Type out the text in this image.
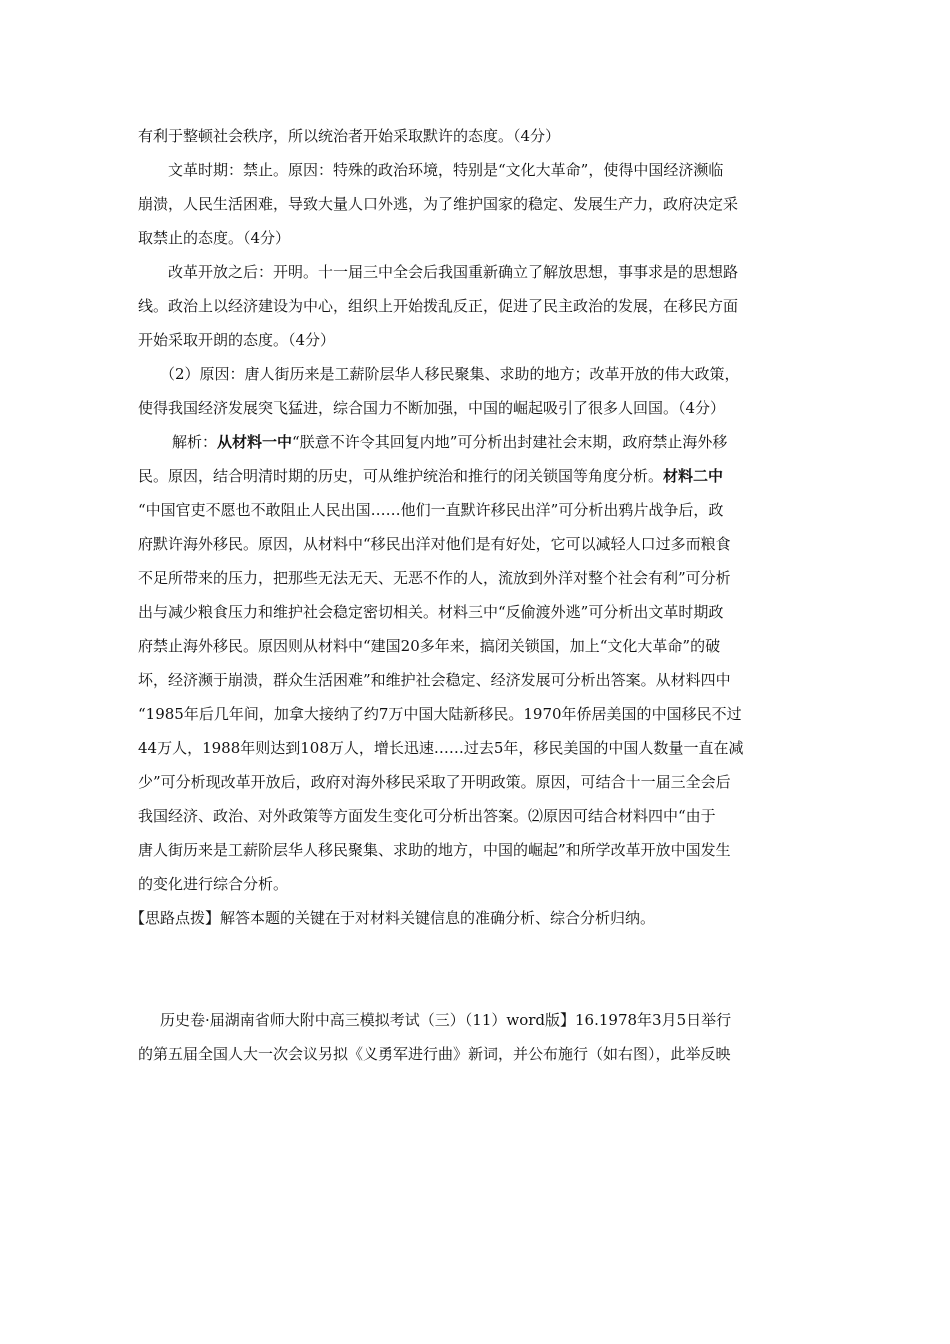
有利于整顿社会秩序，所以统治者开始采取默许的态度。（4分）
文革时期：禁止。原因：特殊的政治环境，特别是“文化大革命”，使得中国经济濒临
崩溃，人民生活困难，导致大量人口外逃，为了维护国家的稳定、发展生产力，政府决定采
取禁止的态度。（4分）
改革开放之后：开明。十一届三中全会后我国重新确立了解放思想，事事求是的思想路
线。政治上以经济建设为中心，组织上开始拨乱反正，促进了民主政治的发展，在移民方面
开始采取开朗的态度。（4分）
（2）原因：唐人街历来是工薪阶层华人移民聚集、求助的地方；改革开放的伟大政策，
使得我国经济发展突飞猛进，综合国力不断加强，中国的崛起吸引了很多人回国。（4分）
解析：从材料一中“朕意不许令其回复内地”可分析出封建社会末期，政府禁止海外移
民。原因，结合明清时期的历史，可从维护统治和推行的闭关锁国等角度分析。材料二中
“中国官吏不愿也不敢阻止人民出国……他们一直默许移民出洋”可分析出鸦片战争后，政
府默许海外移民。原因，从材料中“移民出洋对他们是有好处，它可以减轻人口过多而粮食
不足所带来的压力，把那些无法无天、无恶不作的人，流放到外洋对整个社会有利”可分析
出与减少粮食压力和维护社会稳定密切相关。材料三中“反偷渡外逃”可分析出文革时期政
府禁止海外移民。原因则从材料中“建国20多年来，搞闭关锁国，加上“文化大革命”的破
坏，经济濒于崩溃，群众生活困难”和维护社会稳定、经济发展可分析出答案。从材料四中
“1985年后几年间，加拿大接纳了约7万中国大陆新移民。1970年侨居美国的中国移民不过
44万人，1988年则达到108万人，增长迅速……过去5年，移民美国的中国人数量一直在减
少”可分析现改革开放后，政府对海外移民采取了开明政策。原因，可结合十一届三全会后
我国经济、政治、对外政策等方面发生变化可分析出答案。⑵原因可结合材料四中“由于
唐人街历来是工薪阶层华人移民聚集、求助的地方，中国的崛起”和所学改革开放中国发生
的变化进行综合分析。
【思路点拨】解答本题的关键在于对材料关键信息的准确分析、综合分析归纳。
历史卷·届湖南省师大附中高三模拟考试（三）（11）word版】16.1978年3月5日举行
的第五届全国人大一次会议另拟《义勇军进行曲》新词，并公布施行（如右图），此举反映
